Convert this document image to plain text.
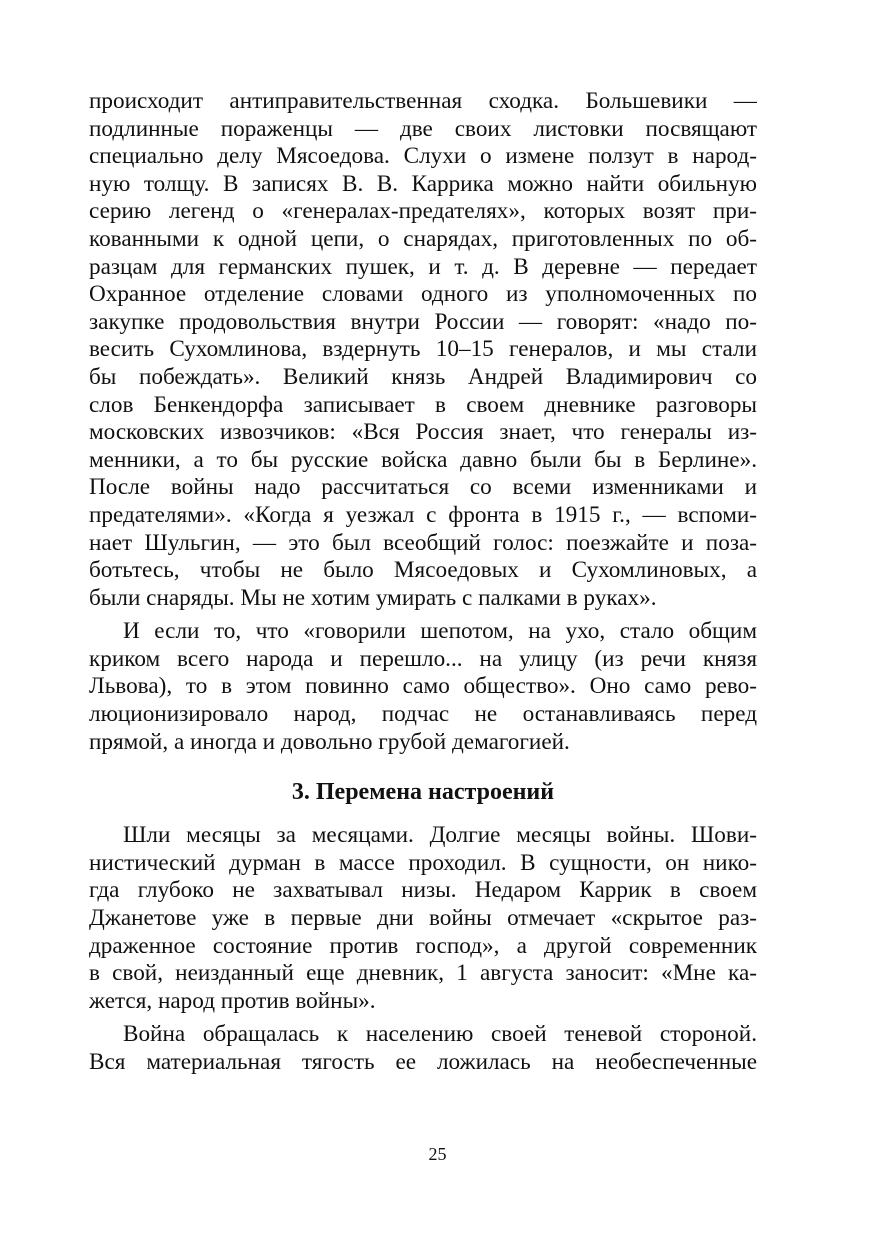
происходит антиправительственная сходка. Большевики —
подлинные пораженцы — две своих листовки посвящают
специально делу Мясоедова. Слухи о измене ползут в народ-
ную толщу. В записях В. В. Каррика можно найти обильную
серию легенд о «генералах-предателях», которых возят при-
кованными к одной цепи, о снарядах, приготовленных по об-
разцам для германских пушек, и т. д. В деревне — передает
Охранное отделение словами одного из уполномоченных по
закупке продовольствия внутри России — говорят: «надо по-
весить Сухомлинова, вздернуть 10–15 генералов, и мы стали
бы побеждать». Великий князь Андрей Владимирович со
слов Бенкендорфа записывает в своем дневнике разговоры
московских извозчиков: «Вся Россия знает, что генералы из-
менники, а то бы русские войска давно были бы в Берлине».
После войны надо рассчитаться со всеми изменниками и
предателями». «Когда я уезжал с фронта в 1915 г., — вспоми-
нает Шульгин, — это был всеобщий голос: поезжайте и поза-
ботьтесь, чтобы не было Мясоедовых и Сухомлиновых, а
были снаряды. Мы не хотим умирать с палками в руках».
И если то, что «говорили шепотом, на ухо, стало общим
криком всего народа и перешло... на улицу (из речи князя
Львова), то в этом повинно само общество». Оно само рево-
люционизировало народ, подчас не останавливаясь перед
прямой, а иногда и довольно грубой демагогией.
3. Перемена настроений
Шли месяцы за месяцами. Долгие месяцы войны. Шови-
нистический дурман в массе проходил. В сущности, он нико-
гда глубоко не захватывал низы. Недаром Каррик в своем
Джанетове уже в первые дни войны отмечает «скрытое раз-
драженное состояние против господ», а другой современник
в свой, неизданный еще дневник, 1 августа заносит: «Мне ка-
жется, народ против войны».
Война обращалась к населению своей теневой стороной.
Вся материальная тягость ее ложилась на необеспеченные
25
